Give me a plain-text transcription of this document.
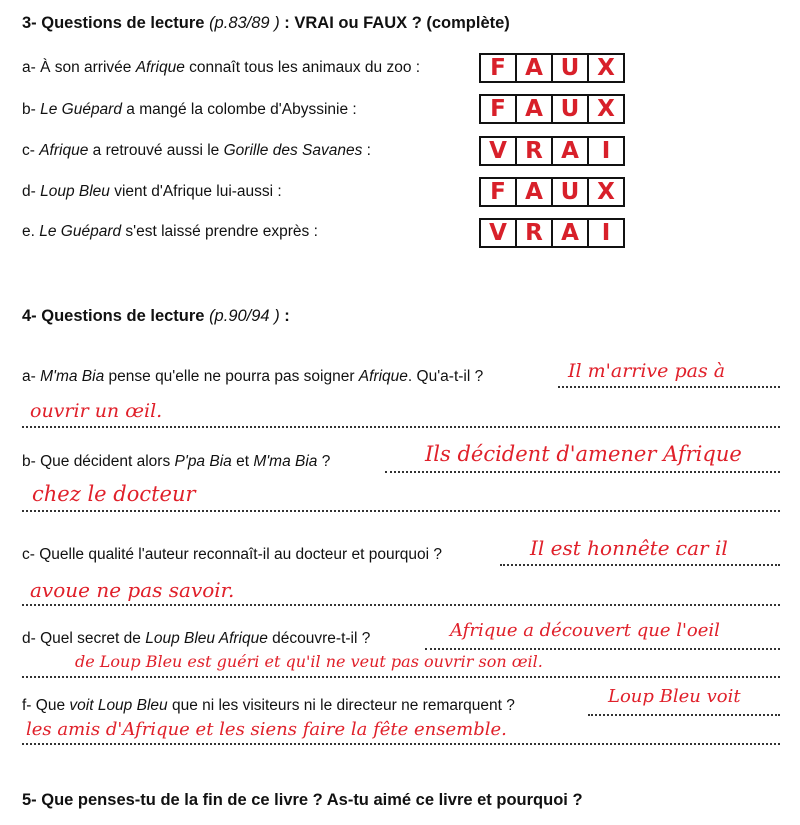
3- Questions de lecture (p.83/89 ) : VRAI ou FAUX ? (complète)
a- À son arrivée Afrique connaît tous les animaux du zoo :	F A U X
b- Le Guépard a mangé la colombe d'Abyssinie :	F A U X
c- Afrique a retrouvé aussi le Gorille des Savanes :	V R A I
d- Loup Bleu vient d'Afrique lui-aussi :	F A U X
e. Le Guépard s'est laissé prendre exprès :	V R A I
4- Questions de lecture (p.90/94 ) :
a- M'ma Bia pense qu'elle ne pourra pas soigner Afrique. Qu'a-t-il ?	Il m'arrive pas à
ouvrir un œil.
b- Que décident alors P'pa Bia et M'ma Bia ?	Ils décident d'amener Afrique
chez le docteur
c- Quelle qualité l'auteur reconnaît-il au docteur et pourquoi ?	Il est honnête car il
avoue ne pas savoir.
d- Quel secret de Loup Bleu Afrique découvre-t-il ?	Afrique a découvert que l'oeil
de Loup Bleu est guéri et qu'il ne veut pas ouvrir son œil.
f- Que voit Loup Bleu que ni les visiteurs ni le directeur ne remarquent ?	Loup Bleu voit
les amis d'Afrique et les siens faire la fête ensemble.
5- Que penses-tu de la fin de ce livre ? As-tu aimé ce livre et pourquoi ?
